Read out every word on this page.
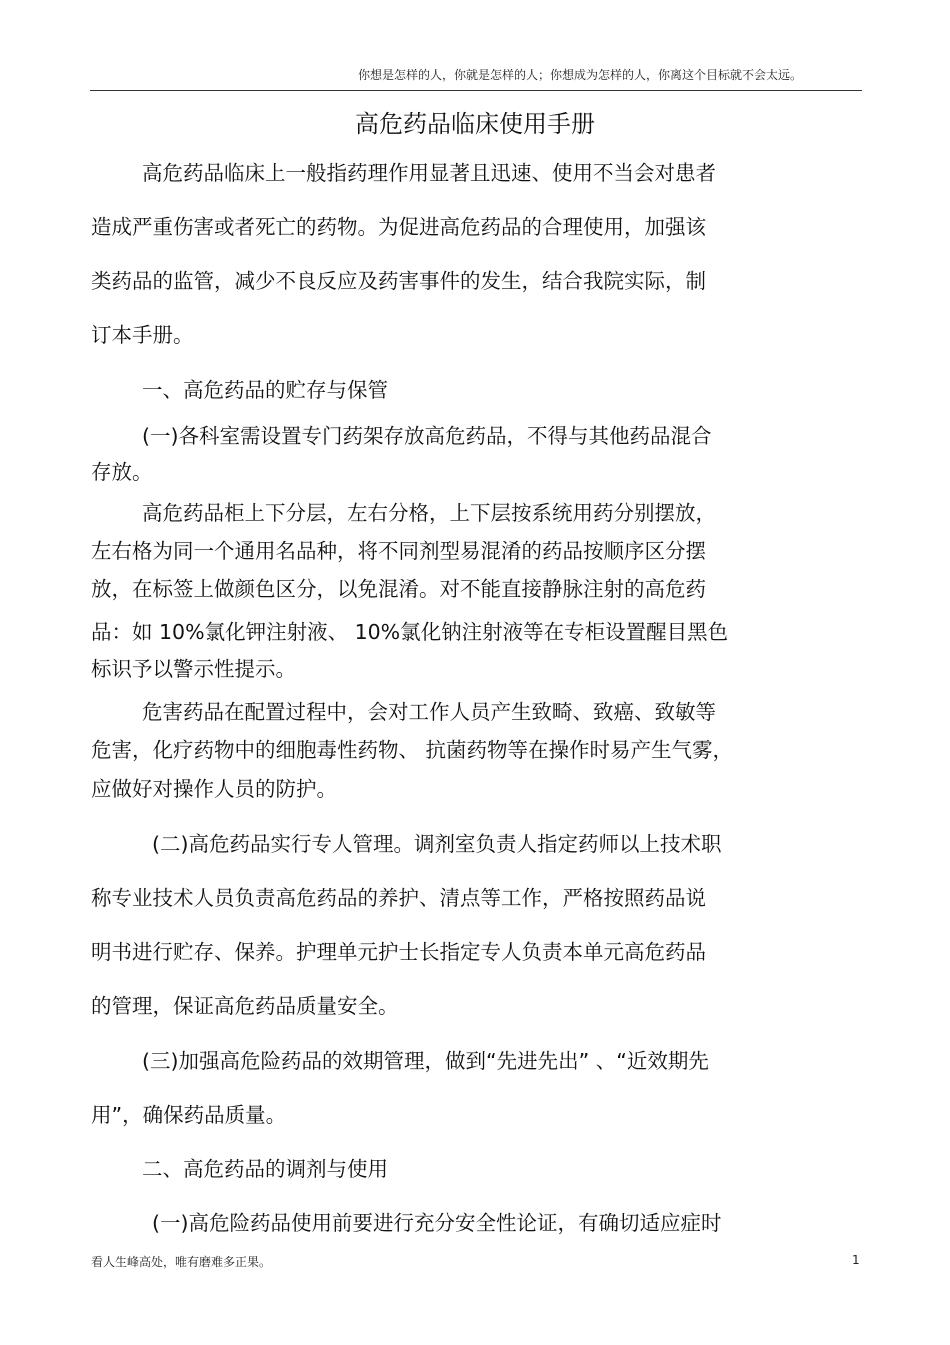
你想是怎样的人，你就是怎样的人；你想成为怎样的人，你离这个目标就不会太远。
高危药品临床使用手册
高危药品临床上一般指药理作用显著且迅速、使用不当会对患者
造成严重伤害或者死亡的药物。为促进高危药品的合理使用，加强该
类药品的监管，减少不良反应及药害事件的发生，结合我院实际，制
订本手册。
一、高危药品的贮存与保管
(一)各科室需设置专门药架存放高危药品，不得与其他药品混合
存放。
高危药品柜上下分层，左右分格，上下层按系统用药分别摆放，
左右格为同一个通用名品种，将不同剂型易混淆的药品按顺序区分摆
放，在标签上做颜色区分，以免混淆。对不能直接静脉注射的高危药
品：如 10%氯化钾注射液、 10%氯化钠注射液等在专柜设置醒目黑色
标识予以警示性提示。
危害药品在配置过程中，会对工作人员产生致畸、致癌、致敏等
危害，化疗药物中的细胞毒性药物、 抗菌药物等在操作时易产生气雾，
应做好对操作人员的防护。
(二)高危药品实行专人管理。调剂室负责人指定药师以上技术职
称专业技术人员负责高危药品的养护、清点等工作，严格按照药品说
明书进行贮存、保养。护理单元护士长指定专人负责本单元高危药品
的管理，保证高危药品质量安全。
(三)加强高危险药品的效期管理，做到“先进先出” 、“近效期先
用”，确保药品质量。
二、高危药品的调剂与使用
(一)高危险药品使用前要进行充分安全性论证，有确切适应症时
看人生峰高处，唯有磨难多正果。	1
